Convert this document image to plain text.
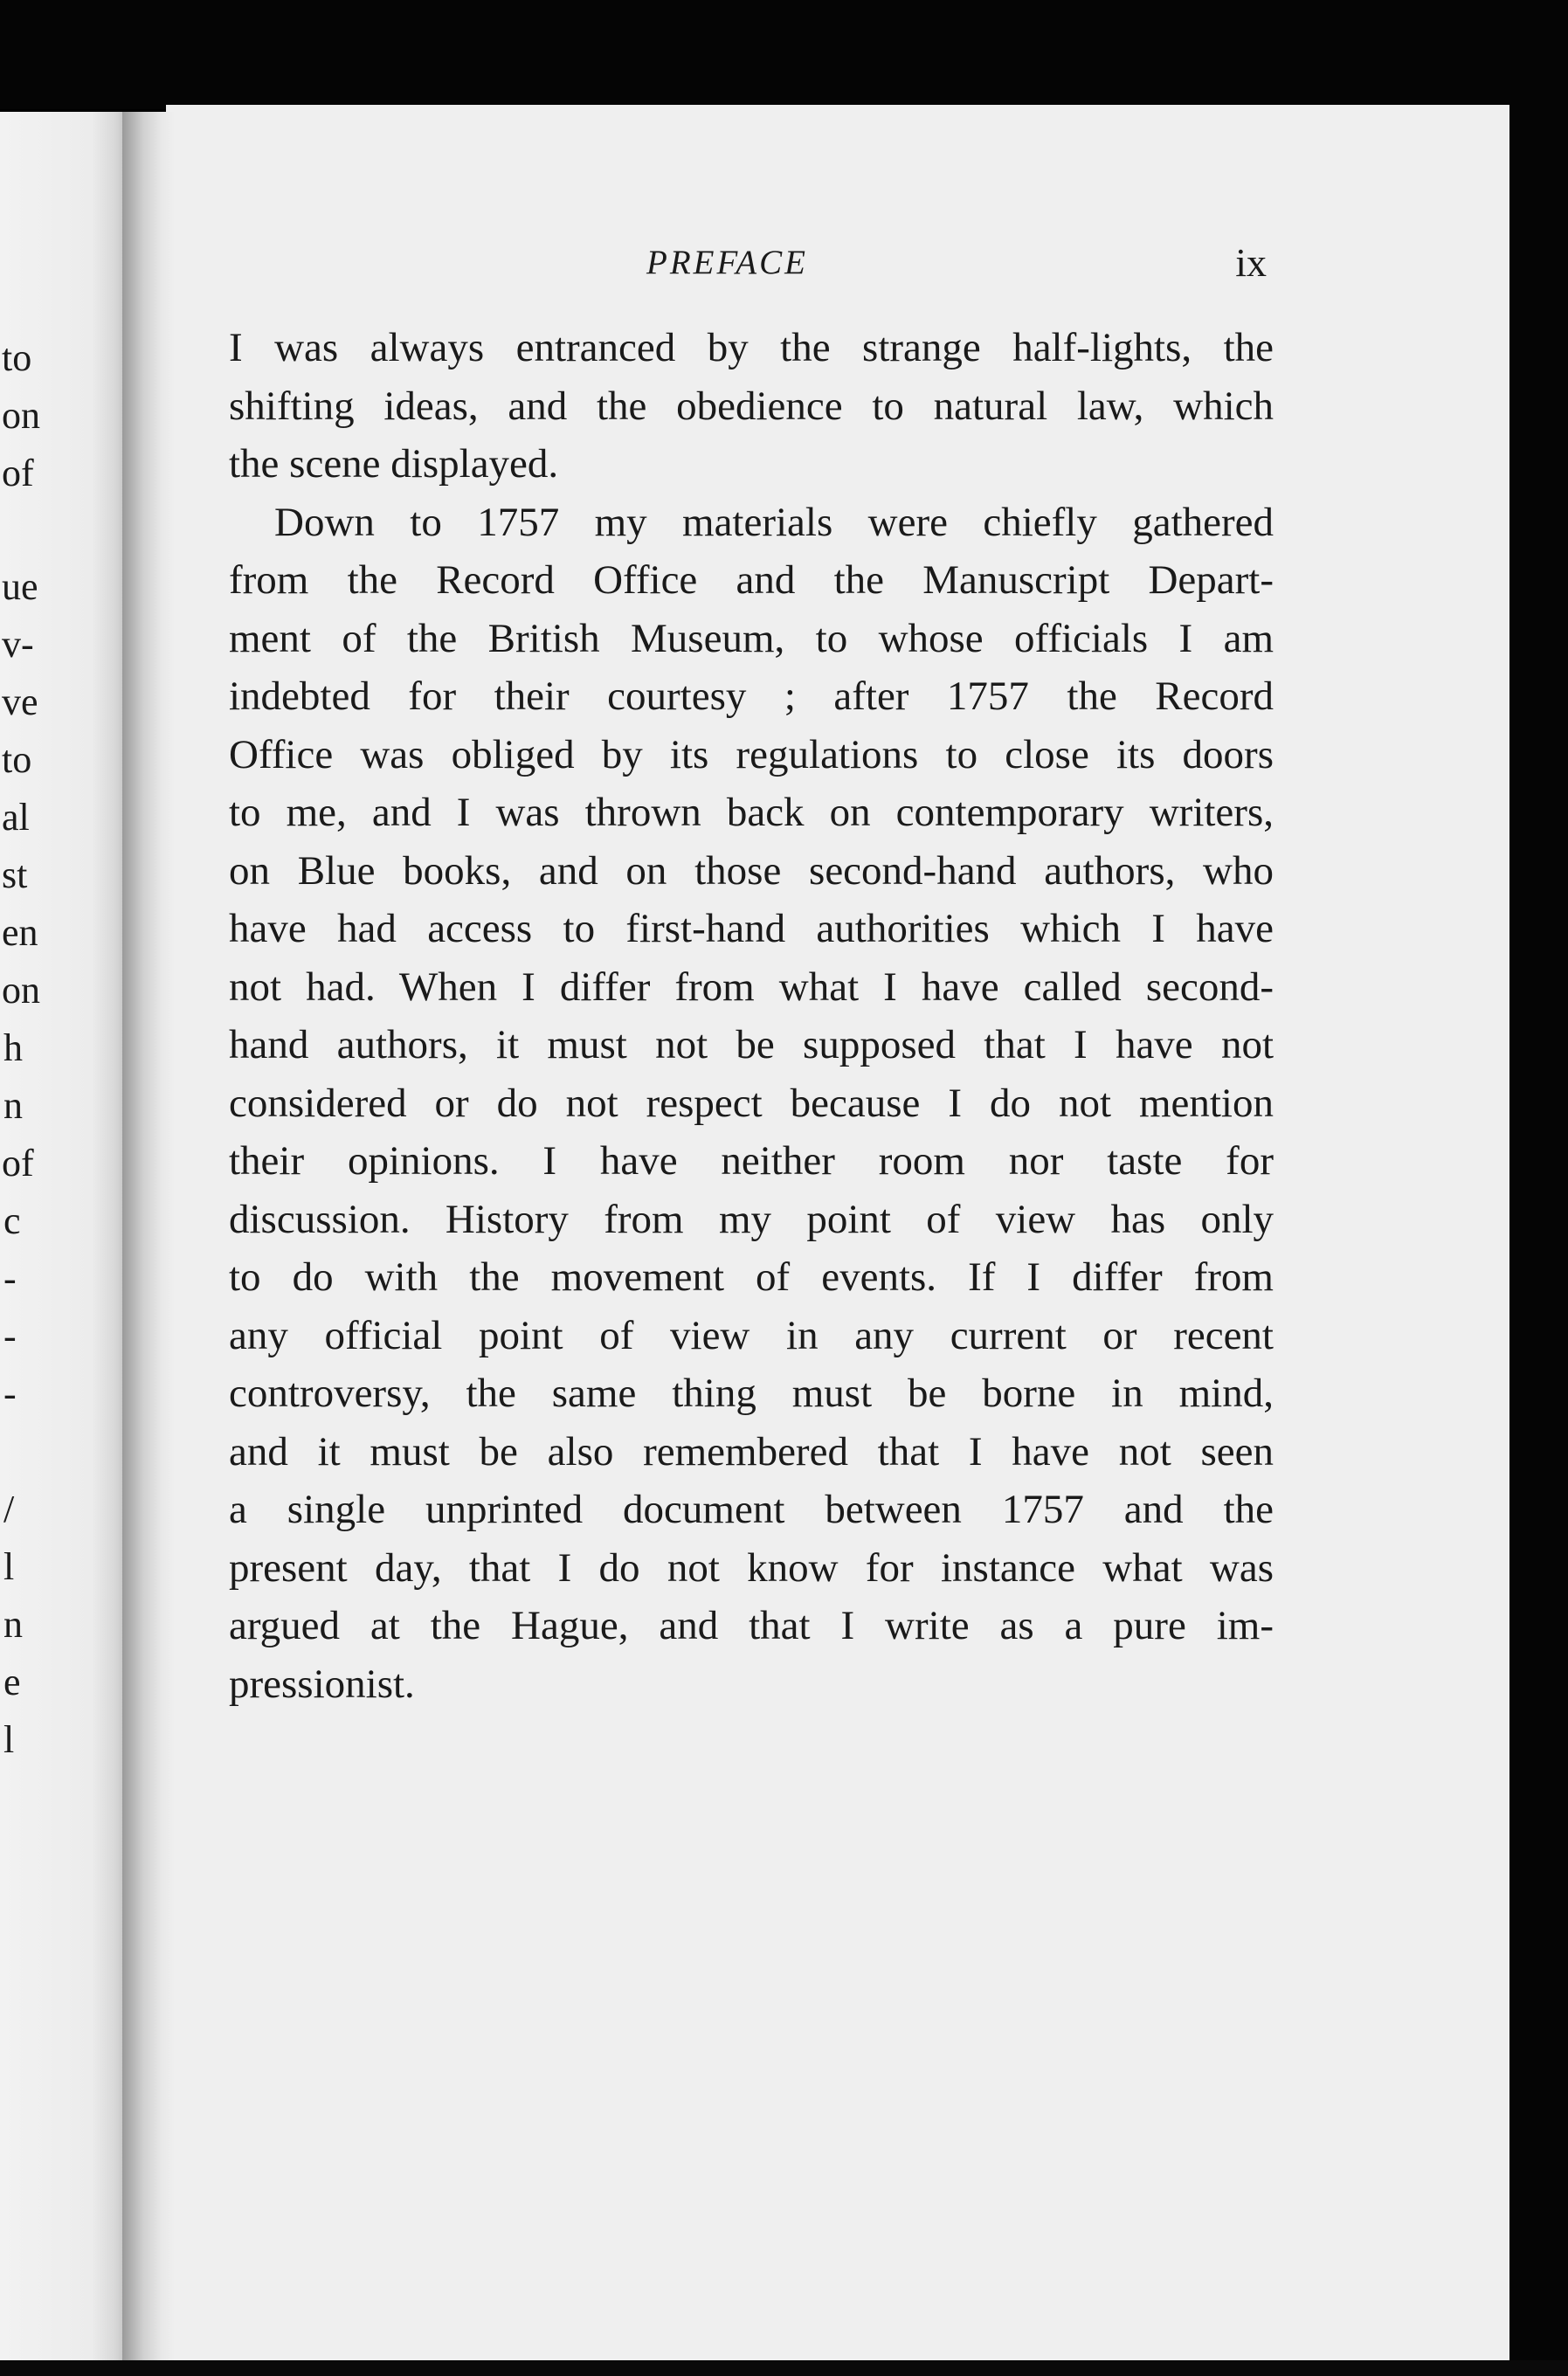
to
on
of
ue
v-
ve
to
al
st
en
on
h
n
of
c
-
-
-
/
l
n
e
l
PREFACE	ix

I was always entranced by the strange half-lights, the
shifting ideas, and the obedience to natural law, which
the scene displayed.

Down to 1757 my materials were chiefly gathered
from the Record Office and the Manuscript Depart-
ment of the British Museum, to whose officials I am
indebted for their courtesy ; after 1757 the Record
Office was obliged by its regulations to close its doors
to me, and I was thrown back on contemporary writers,
on Blue books, and on those second-hand authors, who
have had access to first-hand authorities which I have
not had. When I differ from what I have called second-
hand authors, it must not be supposed that I have not
considered or do not respect because I do not mention
their opinions. I have neither room nor taste for
discussion. History from my point of view has only
to do with the movement of events. If I differ from
any official point of view in any current or recent
controversy, the same thing must be borne in mind,
and it must be also remembered that I have not seen
a single unprinted document between 1757 and the
present day, that I do not know for instance what was
argued at the Hague, and that I write as a pure im-
pressionist.
